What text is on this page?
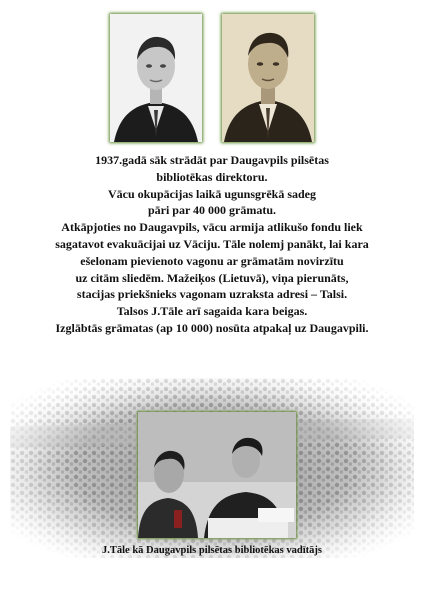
1937.gadā sāk strādāt par Daugavpils pilsētas
bibliotēkas direktoru.
Vācu okupācijas laikā ugunsgrēkā sadeg
pāri par 40 000 grāmatu.
Atkāpjoties no Daugavpils, vācu armija atlikušo fondu liek
sagatavot evakuācijai uz Vāciju. Tāle nolemj panākt, lai kara
ešelonam pievienoto vagonu ar grāmatām novirzītu
uz citām sliedēm. Mažeiķos (Lietuvā), viņa pierunāts,
stacijas priekšnieks vagonam uzraksta adresi – Talsi.
Talsos J.Tāle arī sagaida kara beigas.
Izglābtās grāmatas (ap 10 000) nosūta atpakaļ uz Daugavpili.
J.Tāle kā Daugavpils pilsētas bibliotēkas vadītājs
